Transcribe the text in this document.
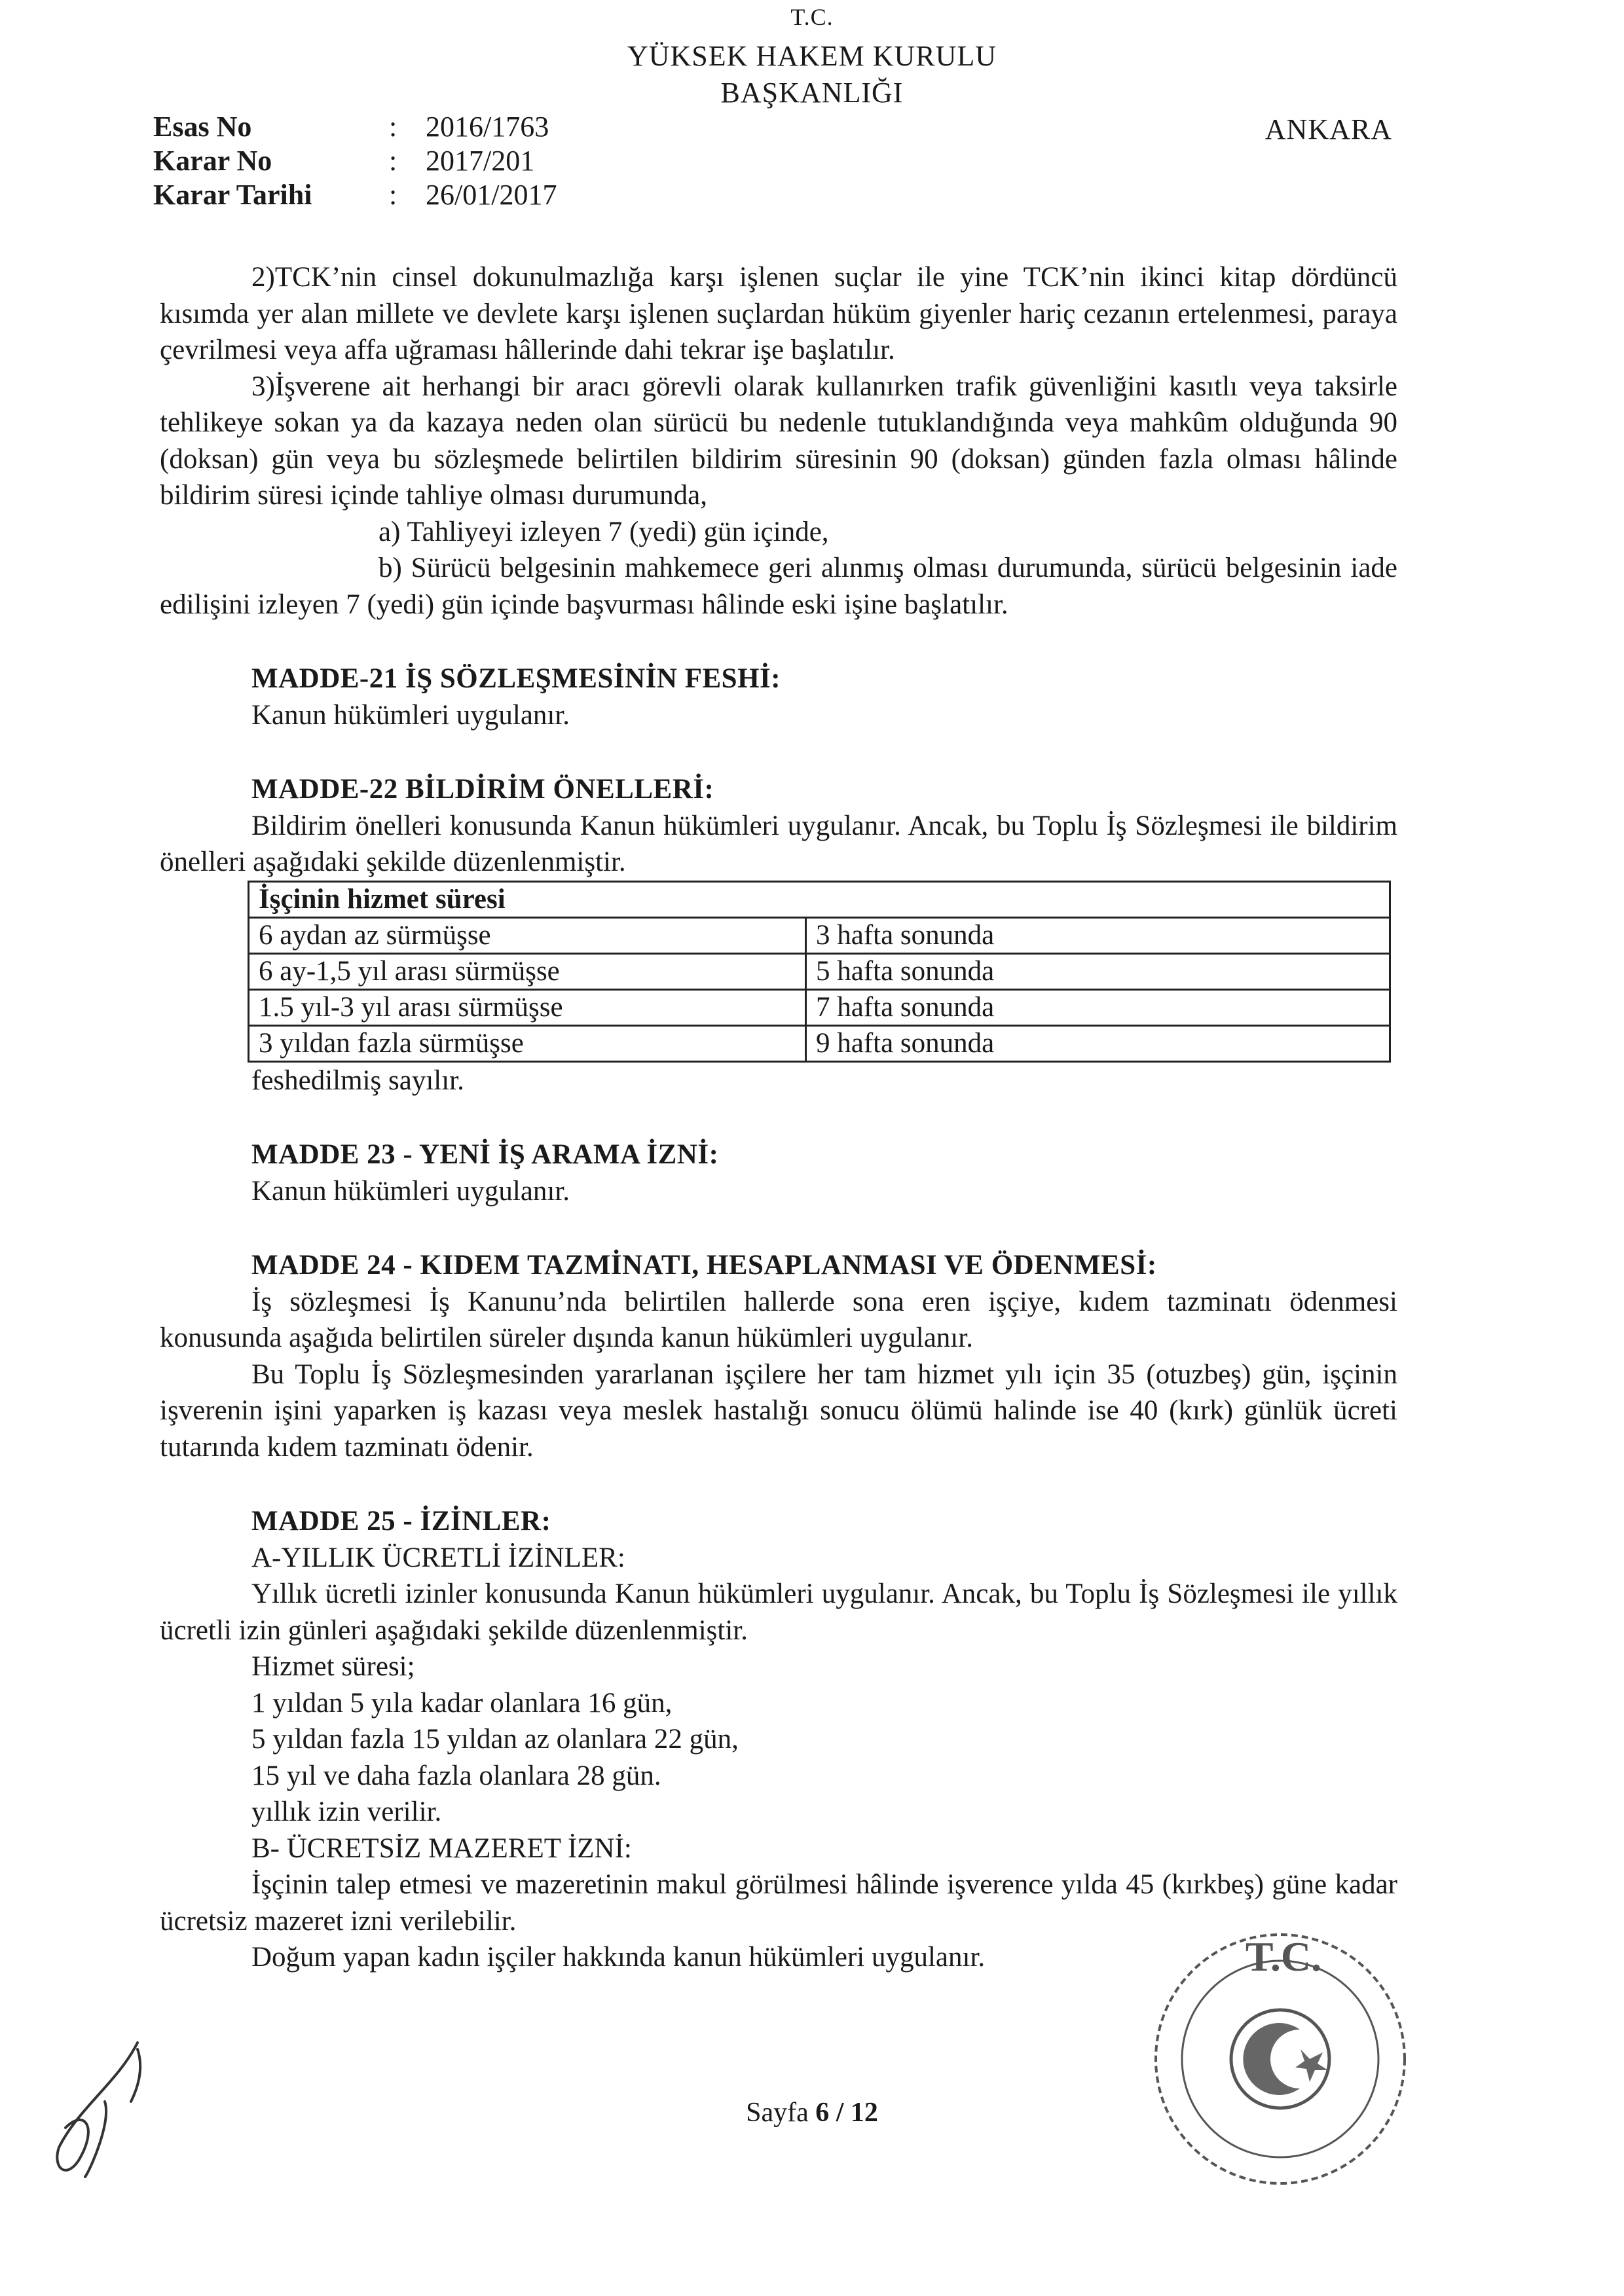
T.C.
YÜKSEK HAKEM KURULU
BAŞKANLIĞI
ANKARA
Esas No	: 2016/1763
Karar No	: 2017/201
Karar Tarihi	: 26/01/2017

2)TCK’nin cinsel dokunulmazlığa karşı işlenen suçlar ile yine TCK’nin ikinci kitap dördüncü kısımda yer alan millete ve devlete karşı işlenen suçlardan hüküm giyenler hariç cezanın ertelenmesi, paraya çevrilmesi veya affa uğraması hâllerinde dahi tekrar işe başlatılır.

3)İşverene ait herhangi bir aracı görevli olarak kullanırken trafik güvenliğini kasıtlı veya taksirle tehlikeye sokan ya da kazaya neden olan sürücü bu nedenle tutuklandığında veya mahkûm olduğunda 90 (doksan) gün veya bu sözleşmede belirtilen bildirim süresinin 90 (doksan) günden fazla olması hâlinde bildirim süresi içinde tahliye olması durumunda,

a) Tahliyeyi izleyen 7 (yedi) gün içinde,

b) Sürücü belgesinin mahkemece geri alınmış olması durumunda, sürücü belgesinin iade edilişini izleyen 7 (yedi) gün içinde başvurması hâlinde eski işine başlatılır.

MADDE-21 İŞ SÖZLEŞMESİNİN FESHİ:

Kanun hükümleri uygulanır.

MADDE-22 BİLDİRİM ÖNELLERİ:

Bildirim önelleri konusunda Kanun hükümleri uygulanır. Ancak, bu Toplu İş Sözleşmesi ile bildirim önelleri aşağıdaki şekilde düzenlenmiştir.

İşçinin hizmet süresi	
6 aydan az sürmüşse	3 hafta sonunda
6 ay-1,5 yıl arası sürmüşse	5 hafta sonunda
1.5 yıl-3 yıl arası sürmüşse	7 hafta sonunda
3 yıldan fazla sürmüşse	9 hafta sonunda

feshedilmiş sayılır.

MADDE 23 - YENİ İŞ ARAMA İZNİ:

Kanun hükümleri uygulanır.

MADDE 24 - KIDEM TAZMİNATI, HESAPLANMASI VE ÖDENMESİ:

İş sözleşmesi İş Kanunu’nda belirtilen hallerde sona eren işçiye, kıdem tazminatı ödenmesi konusunda aşağıda belirtilen süreler dışında kanun hükümleri uygulanır.

Bu Toplu İş Sözleşmesinden yararlanan işçilere her tam hizmet yılı için 35 (otuzbeş) gün, işçinin işverenin işini yaparken iş kazası veya meslek hastalığı sonucu ölümü halinde ise 40 (kırk) günlük ücreti tutarında kıdem tazminatı ödenir.

MADDE 25 - İZİNLER:

A-YILLIK ÜCRETLİ İZİNLER:

Yıllık ücretli izinler konusunda Kanun hükümleri uygulanır. Ancak, bu Toplu İş Sözleşmesi ile yıllık ücretli izin günleri aşağıdaki şekilde düzenlenmiştir.

Hizmet süresi;

1 yıldan 5 yıla kadar olanlara 16 gün,

5 yıldan fazla 15 yıldan az olanlara 22 gün,

15 yıl ve daha fazla olanlara 28 gün.

yıllık izin verilir.

B- ÜCRETSİZ MAZERET İZNİ:

İşçinin talep etmesi ve mazeretinin makul görülmesi hâlinde işverence yılda 45 (kırkbeş) güne kadar ücretsiz mazeret izni verilebilir.

Doğum yapan kadın işçiler hakkında kanun hükümleri uygulanır.

Sayfa 6 / 12
T.C.
